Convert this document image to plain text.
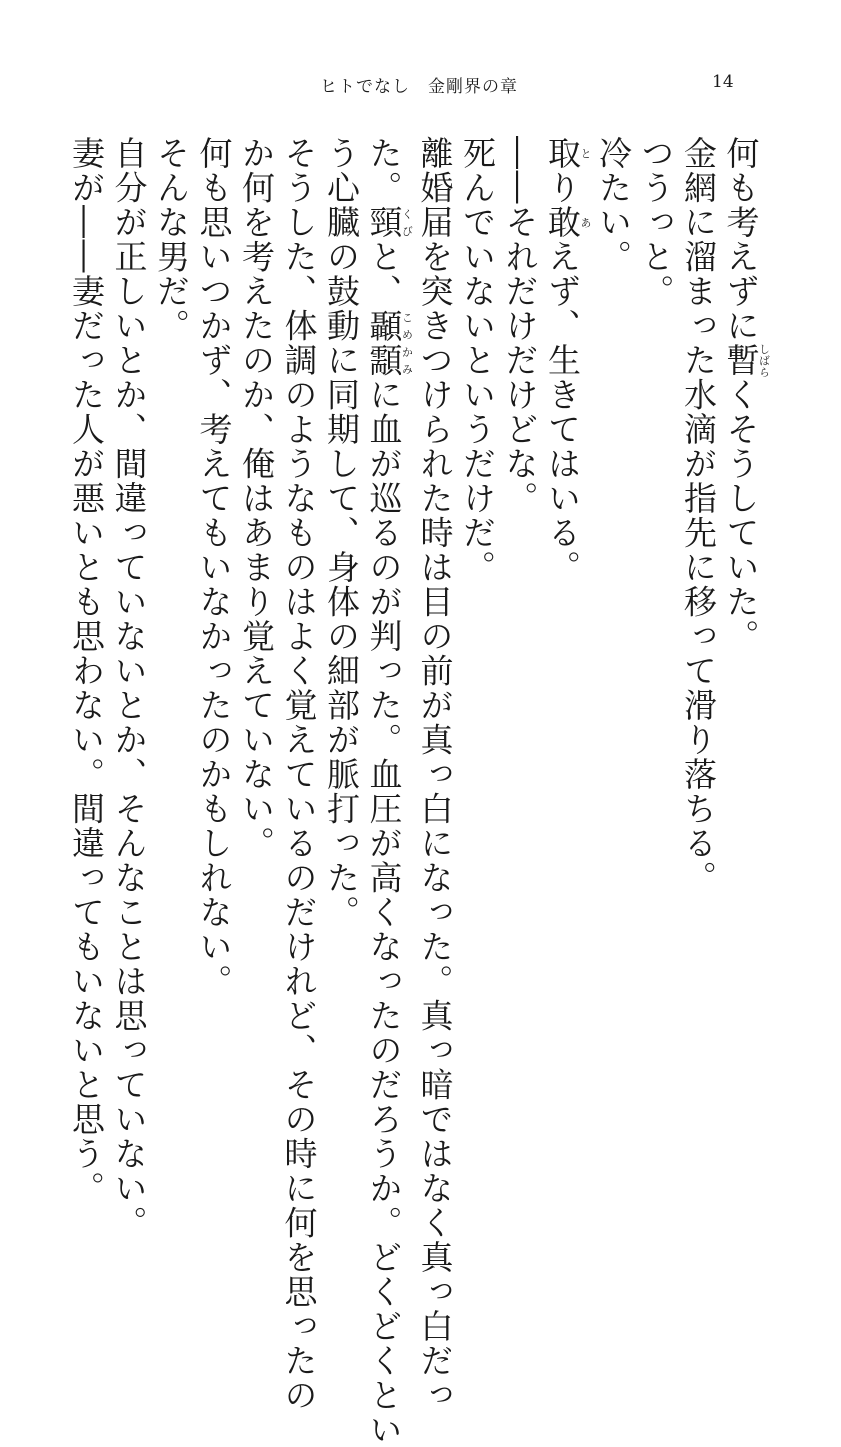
ヒトでなし　金剛界の章	14

何も考えずに暫しばらくそうしていた。

金網に溜まった水滴が指先に移って滑り落ちる。

つうっと。

冷たい。

取とり敢あえず、生きてはいる。

――それだけだけどな。

死んでいないというだけだ。

離婚届を突きつけられた時は目の前が真っ白になった。真っ暗ではなく真っ白だっ

た。頸くびと、顳顬こめかみに血が巡るのが判った。血圧が高くなったのだろうか。どくどくとい

う心臓の鼓動に同期して、身体の細部が脈打った。

そうした、体調のようなものはよく覚えているのだけれど、その時に何を思ったの

か何を考えたのか、俺はあまり覚えていない。

何も思いつかず、考えてもいなかったのかもしれない。

そんな男だ。

自分が正しいとか、間違っていないとか、そんなことは思っていない。

妻が――妻だった人が悪いとも思わない。間違ってもいないと思う。
